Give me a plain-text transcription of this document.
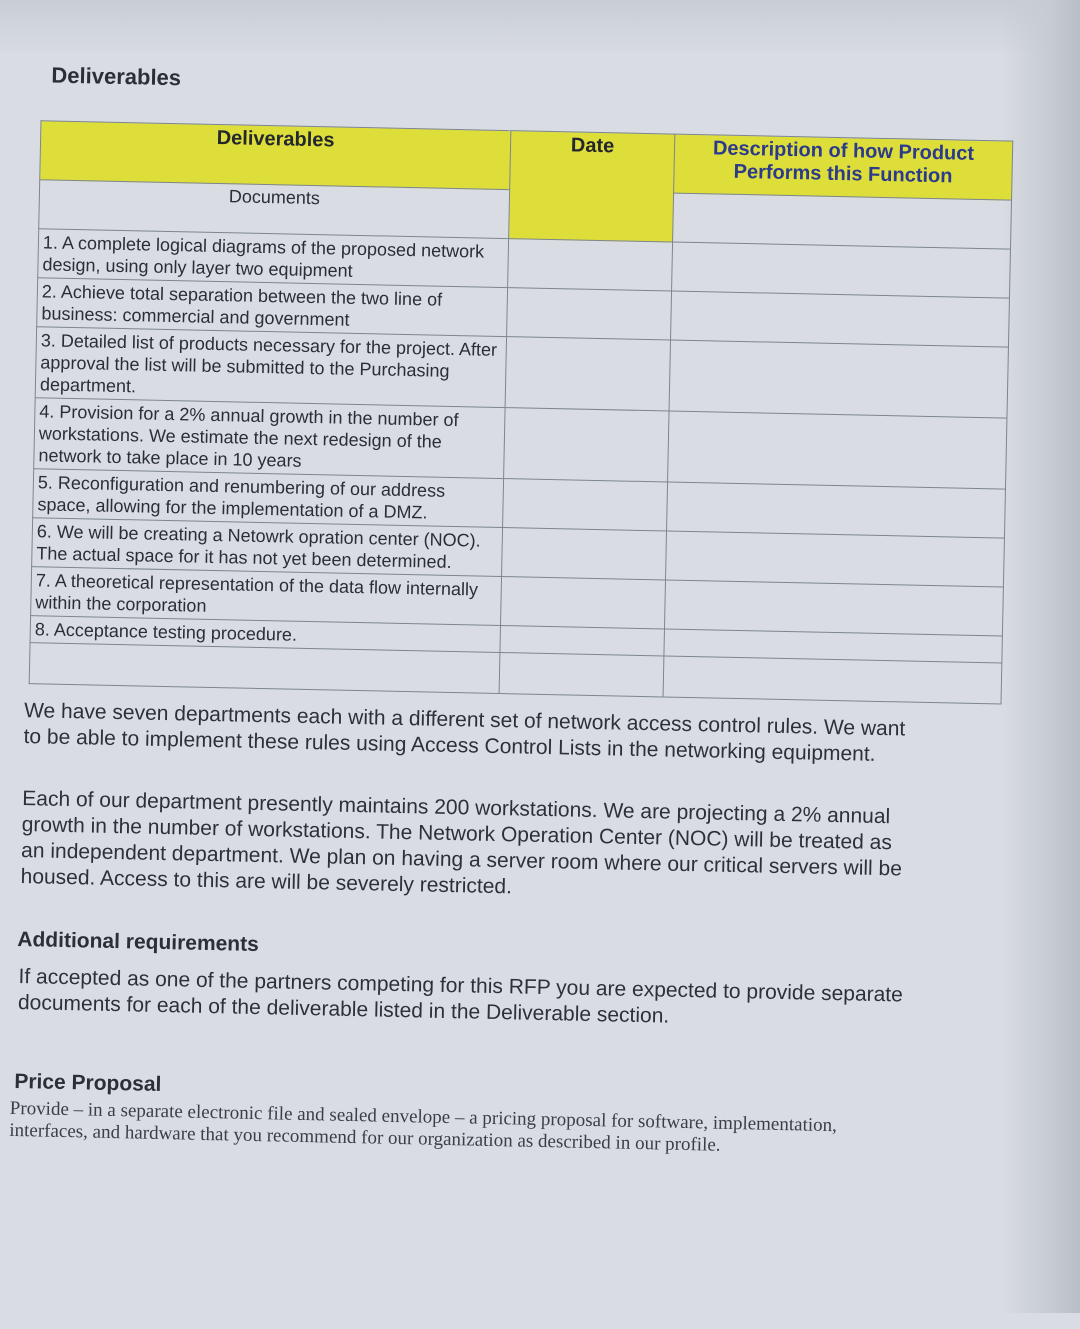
Deliverables
Deliverables	Date	Description of how Product Performs this Function
Documents		
1. A complete logical diagrams of the proposed network design, using only layer two equipment		
2. Achieve total separation between the two line of business: commercial and government		
3. Detailed list of products necessary for the project. After approval the list will be submitted to the Purchasing department.		
4. Provision for a 2% annual growth in the number of workstations. We estimate the next redesign of the network to take place in 10 years		
5. Reconfiguration and renumbering of our address space, allowing for the implementation of a DMZ.		
6. We will be creating a Netowrk opration center (NOC). The actual space for it has not yet been determined.		
7. A theoretical representation of the data flow internally within the corporation		
8. Acceptance testing procedure.		

We have seven departments each with a different set of network access control rules. We want to be able to implement these rules using Access Control Lists in the networking equipment.

Each of our department presently maintains 200 workstations. We are projecting a 2% annual growth in the number of workstations. The Network Operation Center (NOC) will be treated as an independent department. We plan on having a server room where our critical servers will be housed. Access to this are will be severely restricted.

Additional requirements

If accepted as one of the partners competing for this RFP you are expected to provide separate documents for each of the deliverable listed in the Deliverable section.

Price Proposal

Provide – in a separate electronic file and sealed envelope – a pricing proposal for software, implementation, interfaces, and hardware that you recommend for our organization as described in our profile.
